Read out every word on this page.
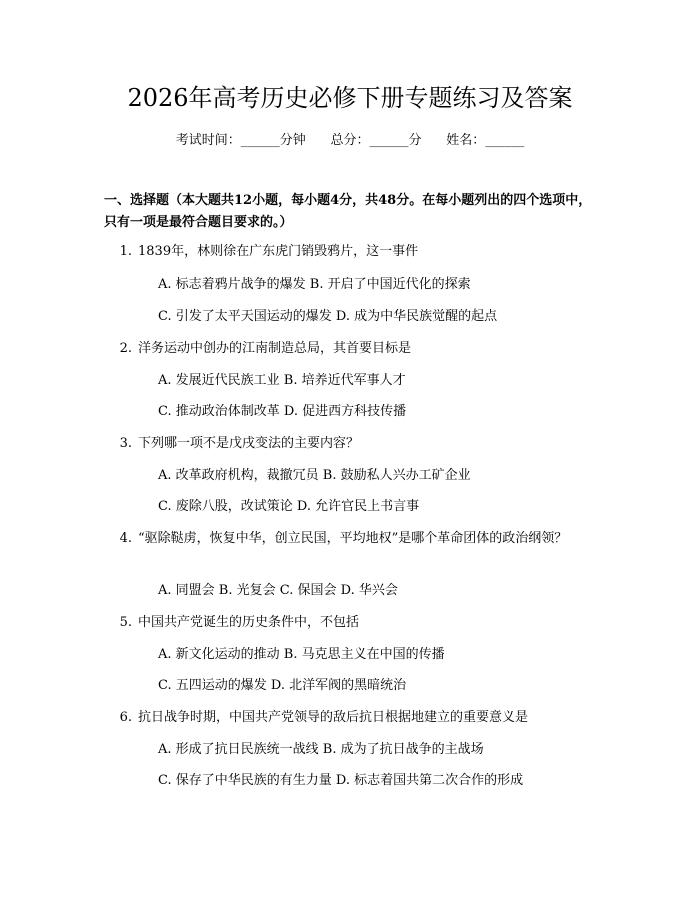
2026年高考历史必修下册专题练习及答案
考试时间：______分钟      总分：______分      姓名：______
一、选择题（本大题共12小题，每小题4分，共48分。在每小题列出的四个选项中，只有一项是最符合题目要求的。）
1. 1839年，林则徐在广东虎门销毁鸦片，这一事件
A. 标志着鸦片战争的爆发 B. 开启了中国近代化的探索
C. 引发了太平天国运动的爆发 D. 成为中华民族觉醒的起点
2. 洋务运动中创办的江南制造总局，其首要目标是
A. 发展近代民族工业 B. 培养近代军事人才
C. 推动政治体制改革 D. 促进西方科技传播
3. 下列哪一项不是戊戌变法的主要内容？
A. 改革政府机构，裁撤冗员 B. 鼓励私人兴办工矿企业
C. 废除八股，改试策论 D. 允许官民上书言事
4. “驱除鞑虏，恢复中华，创立民国，平均地权”是哪个革命团体的政治纲领？
A. 同盟会 B. 光复会 C. 保国会 D. 华兴会
5. 中国共产党诞生的历史条件中，不包括
A. 新文化运动的推动 B. 马克思主义在中国的传播
C. 五四运动的爆发 D. 北洋军阀的黑暗统治
6. 抗日战争时期，中国共产党领导的敌后抗日根据地建立的重要意义是
A. 形成了抗日民族统一战线 B. 成为了抗日战争的主战场
C. 保存了中华民族的有生力量 D. 标志着国共第二次合作的形成
